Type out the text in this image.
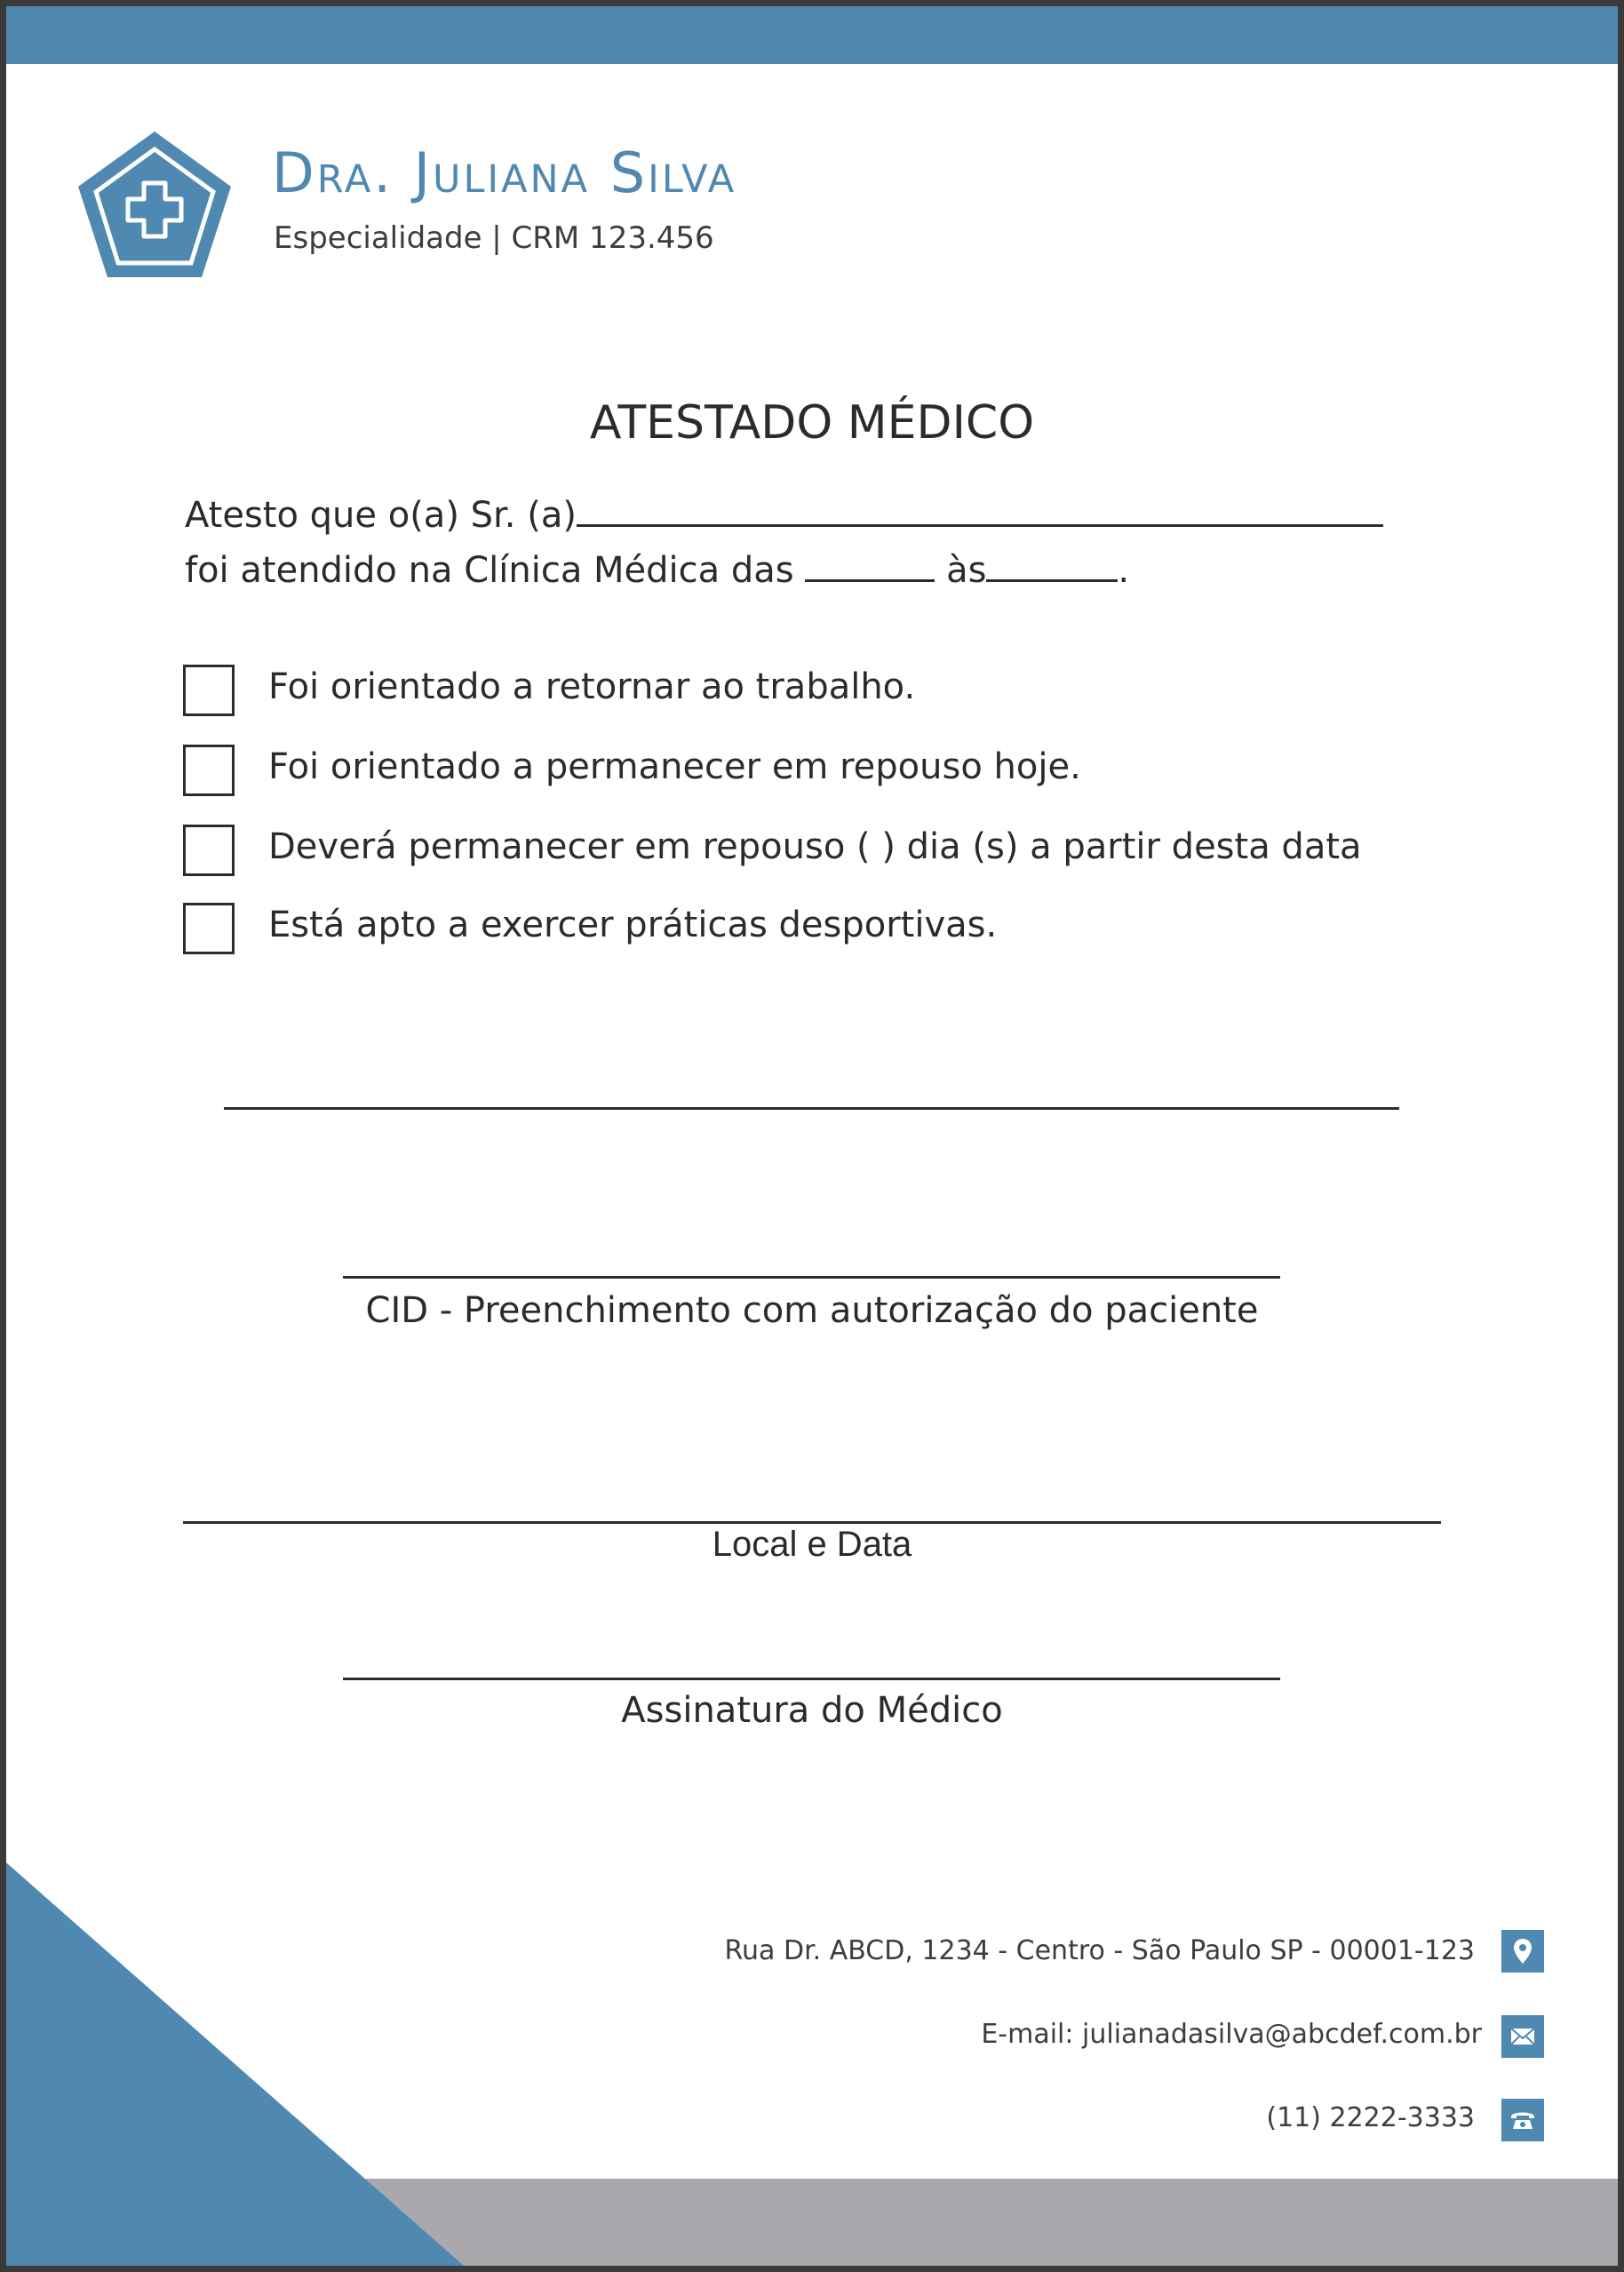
Dra. Juliana Silva
Especialidade | CRM 123.456
ATESTADO MÉDICO
Atesto que o(a) Sr. (a)
foi atendido na Clínica Médica das	às	.
Foi orientado a retornar ao trabalho.
Foi orientado a permanecer em repouso hoje.
Deverá permanecer em repouso ( ) dia (s) a partir desta data
Está apto a exercer práticas desportivas.
CID - Preenchimento com autorização do paciente
Local e Data
Assinatura do Médico
Rua Dr. ABCD, 1234 - Centro - São Paulo SP - 00001-123
E-mail: julianadasilva@abcdef.com.br
(11) 2222-3333
